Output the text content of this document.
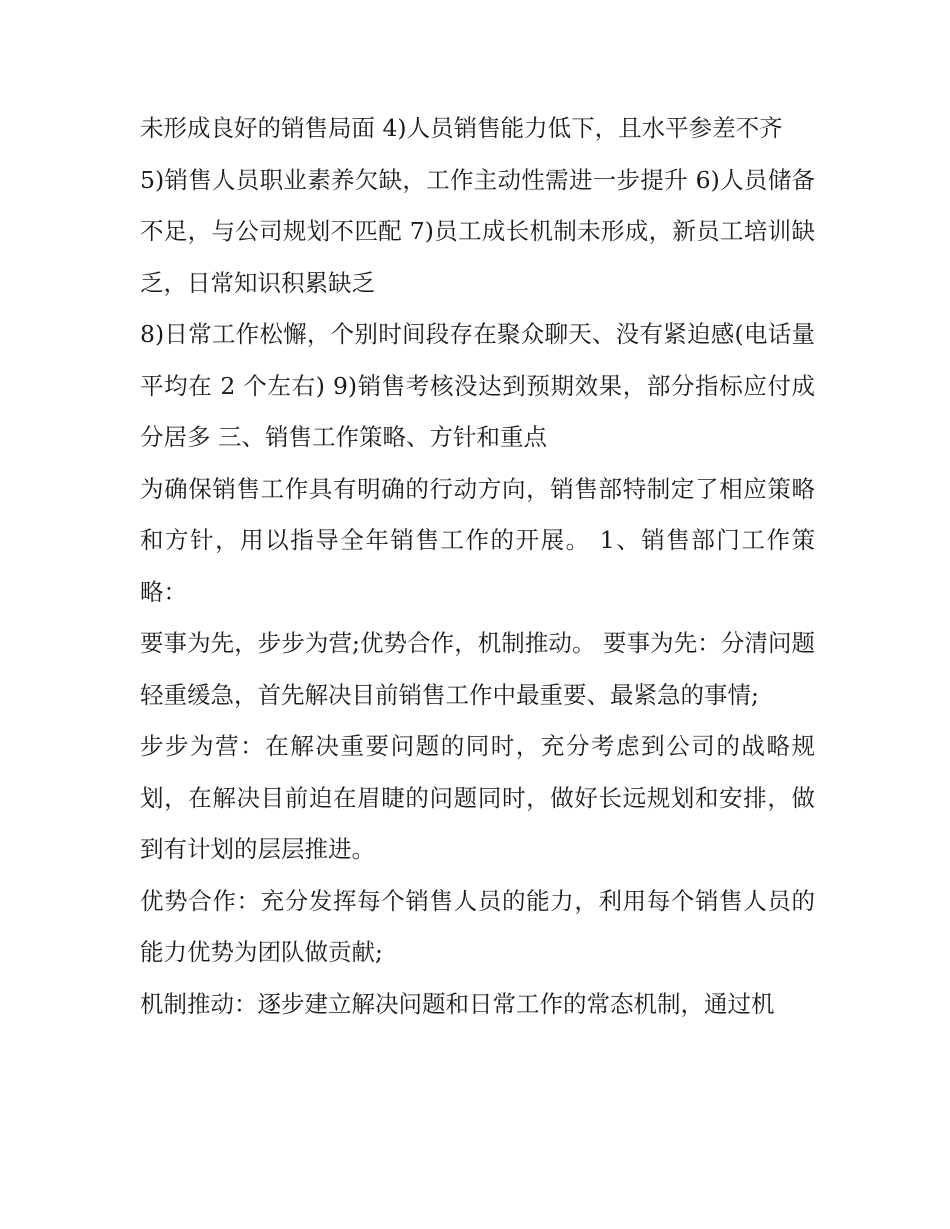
未形成良好的销售局面 4)人员销售能力低下，且水平参差不齐

5)销售人员职业素养欠缺，工作主动性需进一步提升 6)人员储备不足，与公司规划不匹配 7)员工成长机制未形成，新员工培训缺乏，日常知识积累缺乏

8)日常工作松懈，个别时间段存在聚众聊天、没有紧迫感(电话量平均在 2 个左右) 9)销售考核没达到预期效果，部分指标应付成分居多 三、销售工作策略、方针和重点

为确保销售工作具有明确的行动方向，销售部特制定了相应策略和方针，用以指导全年销售工作的开展。 1、销售部门工作策略：

要事为先，步步为营;优势合作，机制推动。 要事为先：分清问题轻重缓急，首先解决目前销售工作中最重要、最紧急的事情;

步步为营：在解决重要问题的同时，充分考虑到公司的战略规划，在解决目前迫在眉睫的问题同时，做好长远规划和安排，做到有计划的层层推进。

优势合作：充分发挥每个销售人员的能力，利用每个销售人员的能力优势为团队做贡献;

机制推动：逐步建立解决问题和日常工作的常态机制，通过机
